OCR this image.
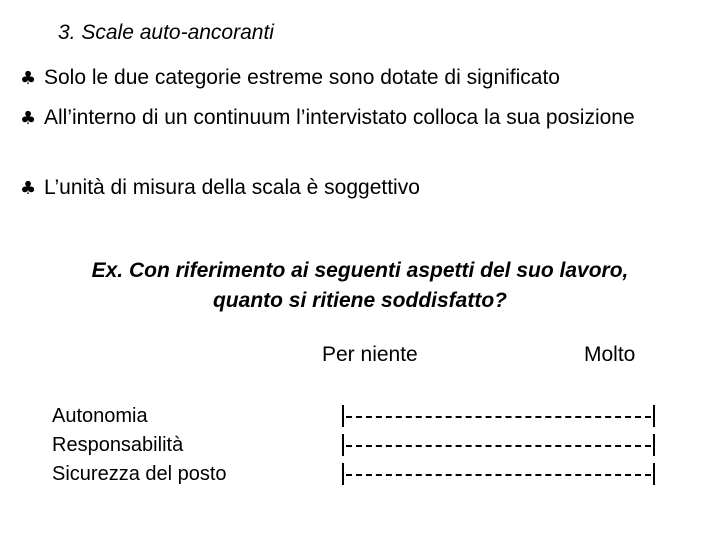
3. Scale auto-ancoranti
♣ Solo le due categorie estreme sono dotate di significato
♣ All’interno di un continuum l’intervistato colloca la sua posizione
♣ L’unità di misura della scala è soggettivo
Ex. Con riferimento ai seguenti aspetti del suo lavoro,
quanto si ritiene soddisfatto?
Per niente	Molto
Autonomia
Responsabilità
Sicurezza del posto
